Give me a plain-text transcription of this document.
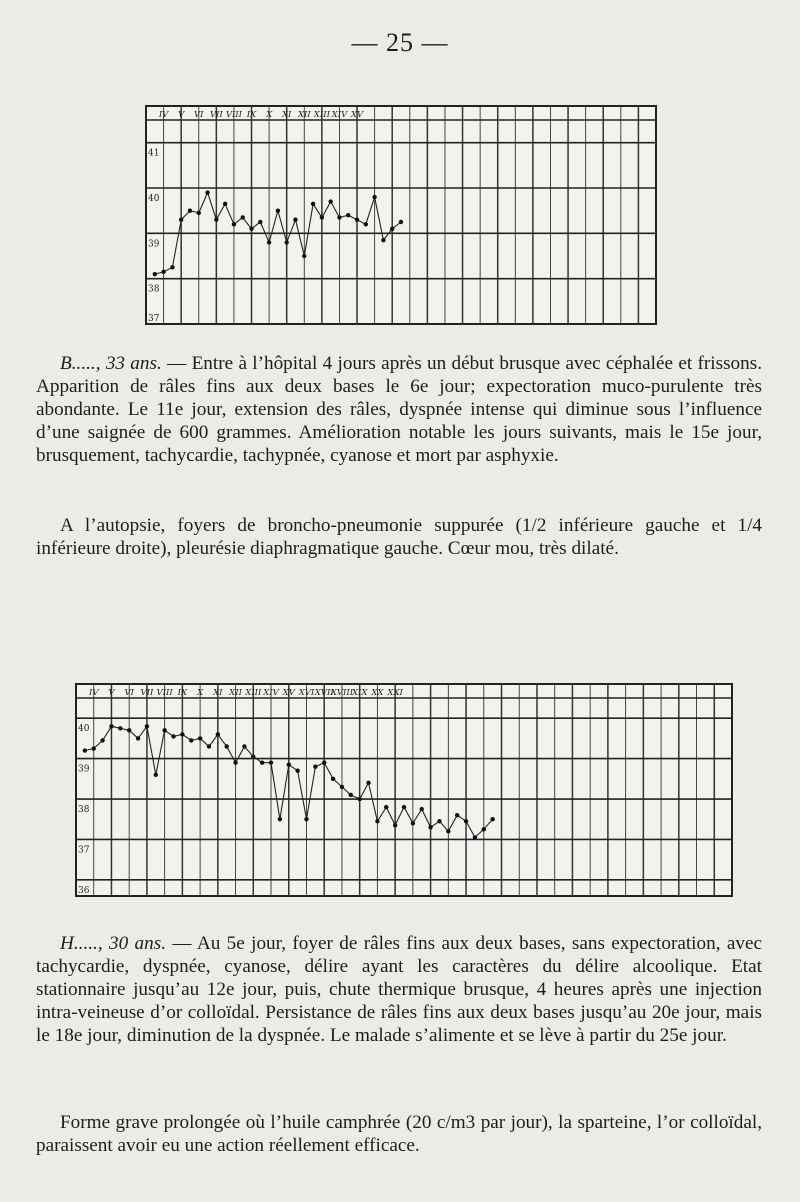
— 25 —
41
40
39
38
37
IV V VI VII VIII IX X XI XII XIII XIV XV

B....., 33 ans. — Entre à l’hôpital 4 jours après un début brusque avec céphalée et frissons. Apparition de râles fins aux deux bases le 6e jour; expectoration muco-purulente très abondante. Le 11e jour, extension des râles, dyspnée intense qui diminue sous l’influence d’une saignée de 600 grammes. Amélioration notable les jours suivants, mais le 15e jour, brusquement, tachycardie, tachypnée, cyanose et mort par asphyxie.

A l’autopsie, foyers de broncho-pneumonie suppurée (1/2 inférieure gauche et 1/4 inférieure droite), pleurésie diaphragmatique gauche. Cœur mou, très dilaté.

40
39
38
37
36
IV V VI VII VIII IX X XI XII XIII XIV XV XVI XVII
XVIII
XIX XX XXI

H....., 30 ans. — Au 5e jour, foyer de râles fins aux deux bases, sans expectoration, avec tachycardie, dyspnée, cyanose, délire ayant les caractères du délire alcoolique. Etat stationnaire jusqu’au 12e jour, puis, chute thermique brusque, 4 heures après une injection intra-veineuse d’or colloïdal. Persistance de râles fins aux deux bases jusqu’au 20e jour, mais le 18e jour, diminution de la dyspnée. Le malade s’alimente et se lève à partir du 25e jour.

Forme grave prolongée où l’huile camphrée (20 c/m3 par jour), la sparteine, l’or colloïdal, paraissent avoir eu une action réellement efficace.
